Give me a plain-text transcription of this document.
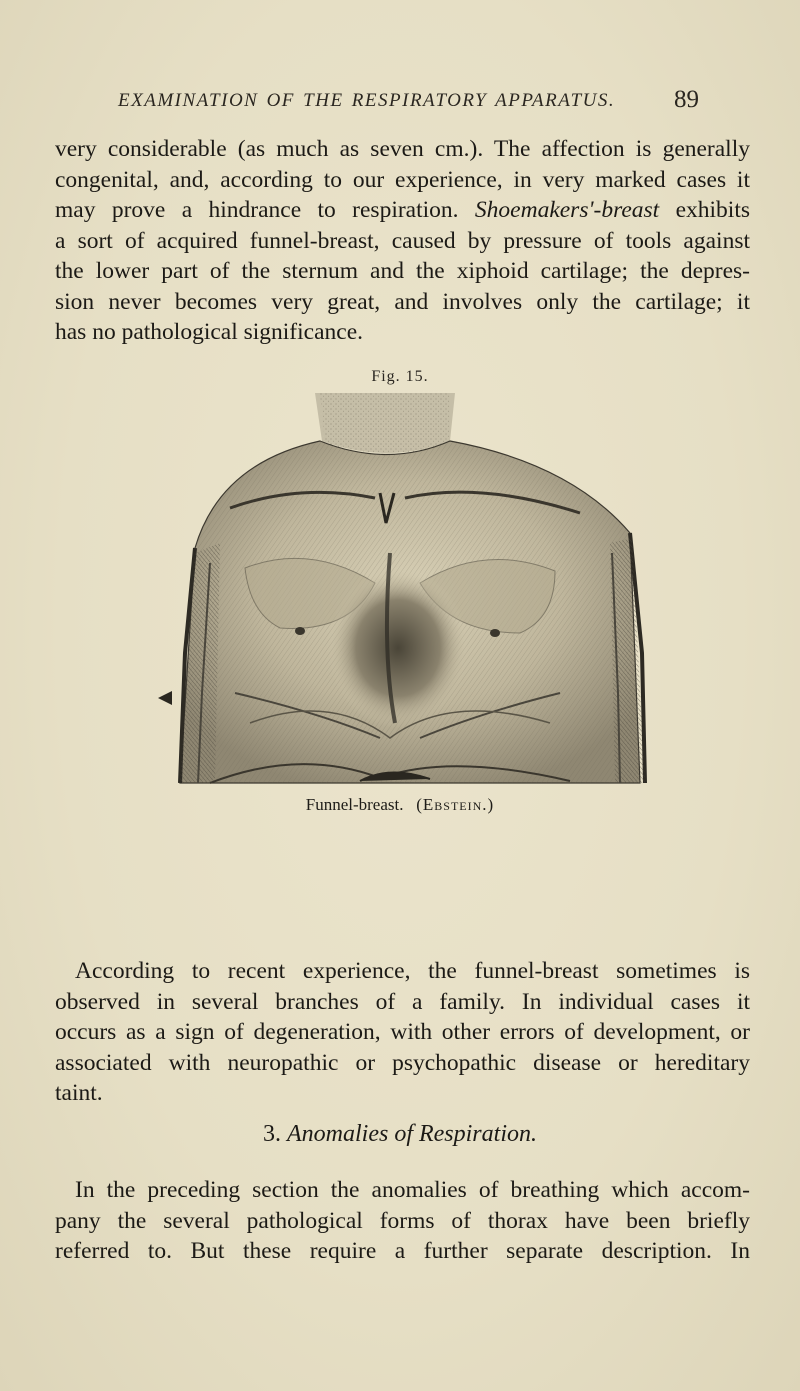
EXAMINATION OF THE RESPIRATORY APPARATUS.	89
very considerable (as much as seven cm.). The affection is generally
congenital, and, according to our experience, in very marked cases it
may prove a hindrance to respiration. Shoemakers'-breast exhibits
a sort of acquired funnel-breast, caused by pressure of tools against
the lower part of the sternum and the xiphoid cartilage; the depres-
sion never becomes very great, and involves only the cartilage; it
has no pathological significance.
Fig. 15.
Funnel-breast. (Ebstein.)
According to recent experience, the funnel-breast sometimes is
observed in several branches of a family. In individual cases it
occurs as a sign of degeneration, with other errors of development, or
associated with neuropathic or psychopathic disease or hereditary
taint.
3. Anomalies of Respiration.
In the preceding section the anomalies of breathing which accom-
pany the several pathological forms of thorax have been briefly
referred to. But these require a further separate description. In
